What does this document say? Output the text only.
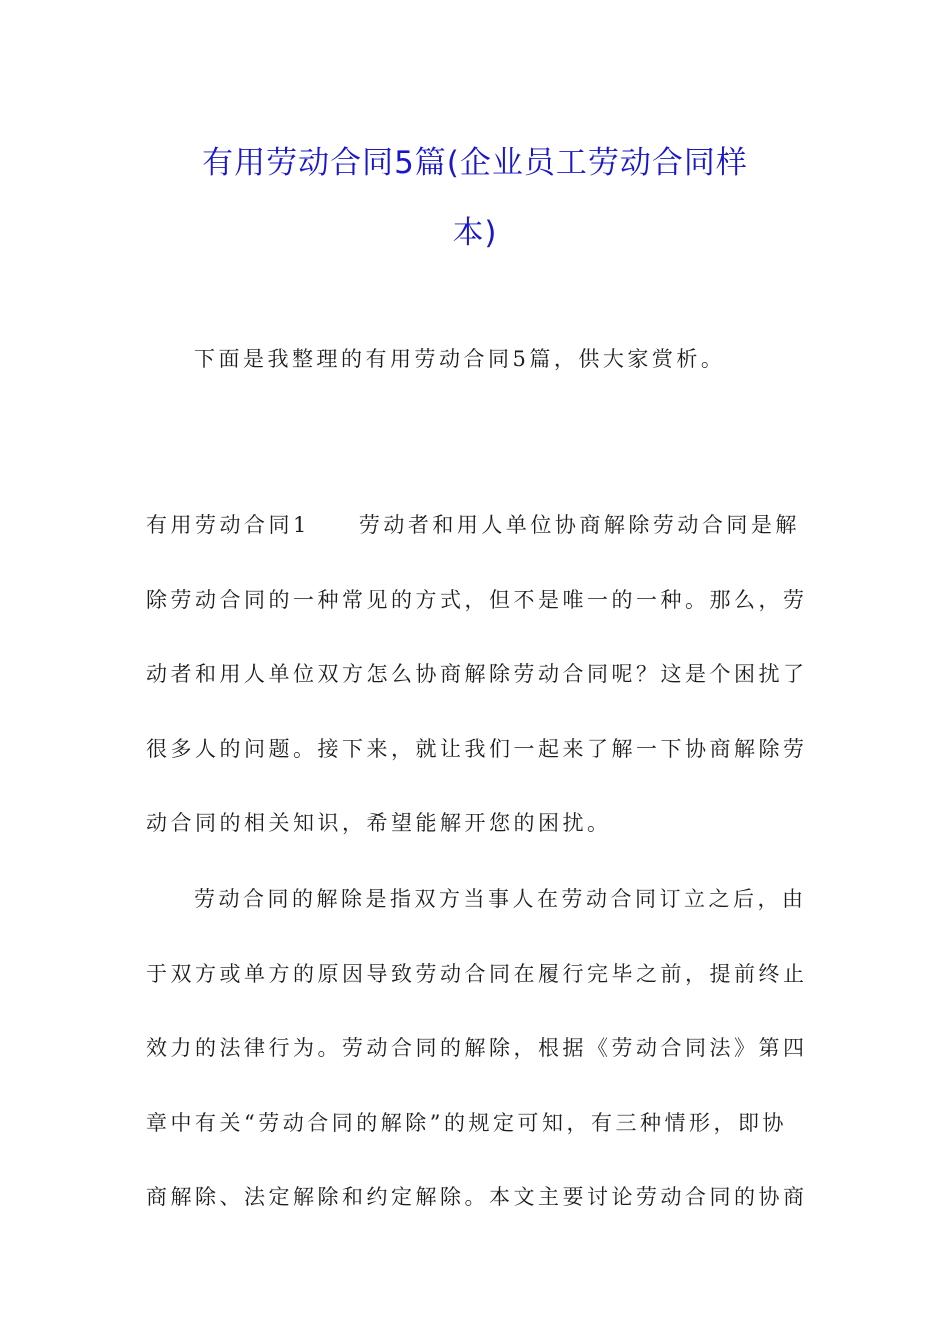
有用劳动合同5篇(企业员工劳动合同样
本)

下面是我整理的有用劳动合同5篇，供大家赏析。

有用劳动合同1　　劳动者和用人单位协商解除劳动合同是解
除劳动合同的一种常见的方式，但不是唯一的一种。那么，劳
动者和用人单位双方怎么协商解除劳动合同呢？这是个困扰了
很多人的问题。接下来，就让我们一起来了解一下协商解除劳
动合同的相关知识，希望能解开您的困扰。

劳动合同的解除是指双方当事人在劳动合同订立之后，由
于双方或单方的原因导致劳动合同在履行完毕之前，提前终止
效力的法律行为。劳动合同的解除，根据《劳动合同法》第四
章中有关“劳动合同的解除”的规定可知，有三种情形，即协
商解除、法定解除和约定解除。本文主要讨论劳动合同的协商
